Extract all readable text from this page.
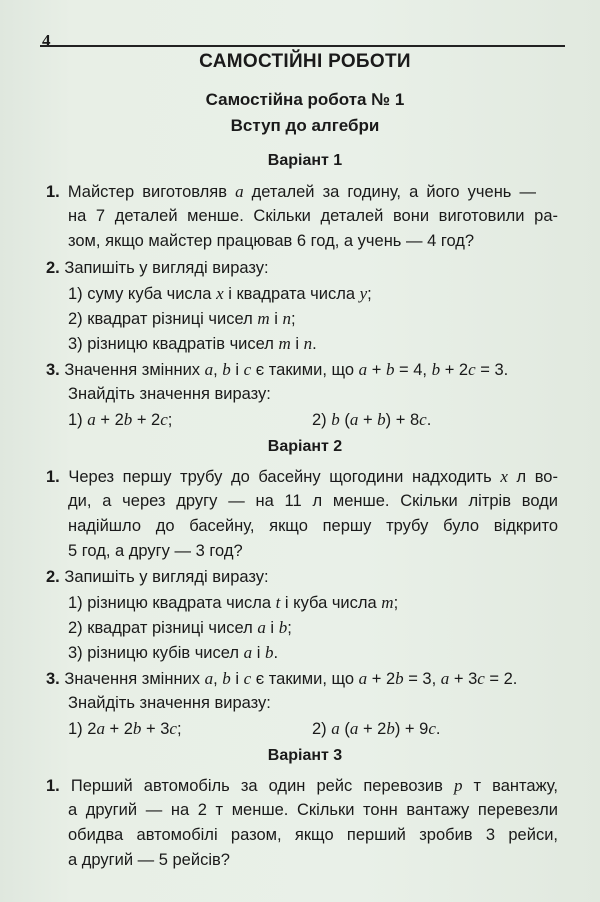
4
САМОСТІЙНІ РОБОТИ
Самостійна робота № 1
Вступ до алгебри
Варіант 1
1. Майстер виготовляв a деталей за годину, а його учень —
на 7 деталей менше. Скільки деталей вони виготовили ра-
зом, якщо майстер працював 6 год, а учень — 4 год?
2. Запишіть у вигляді виразу:
1) суму куба числа x і квадрата числа y;
2) квадрат різниці чисел m і n;
3) різницю квадратів чисел m і n.
3. Значення змінних a, b і c є такими, що a + b = 4, b + 2c = 3.
Знайдіть значення виразу:
1) a + 2b + 2c;	2) b (a + b) + 8c.
Варіант 2
1. Через першу трубу до басейну щогодини надходить x л во-
ди, а через другу — на 11 л менше. Скільки літрів води
надійшло до басейну, якщо першу трубу було відкрито
5 год, а другу — 3 год?
2. Запишіть у вигляді виразу:
1) різницю квадрата числа t і куба числа m;
2) квадрат різниці чисел a і b;
3) різницю кубів чисел a і b.
3. Значення змінних a, b і c є такими, що a + 2b = 3, a + 3c = 2.
Знайдіть значення виразу:
1) 2a + 2b + 3c;	2) a (a + 2b) + 9c.
Варіант 3
1. Перший автомобіль за один рейс перевозив p т вантажу,
а другий — на 2 т менше. Скільки тонн вантажу перевезли
обидва автомобілі разом, якщо перший зробив 3 рейси,
а другий — 5 рейсів?
